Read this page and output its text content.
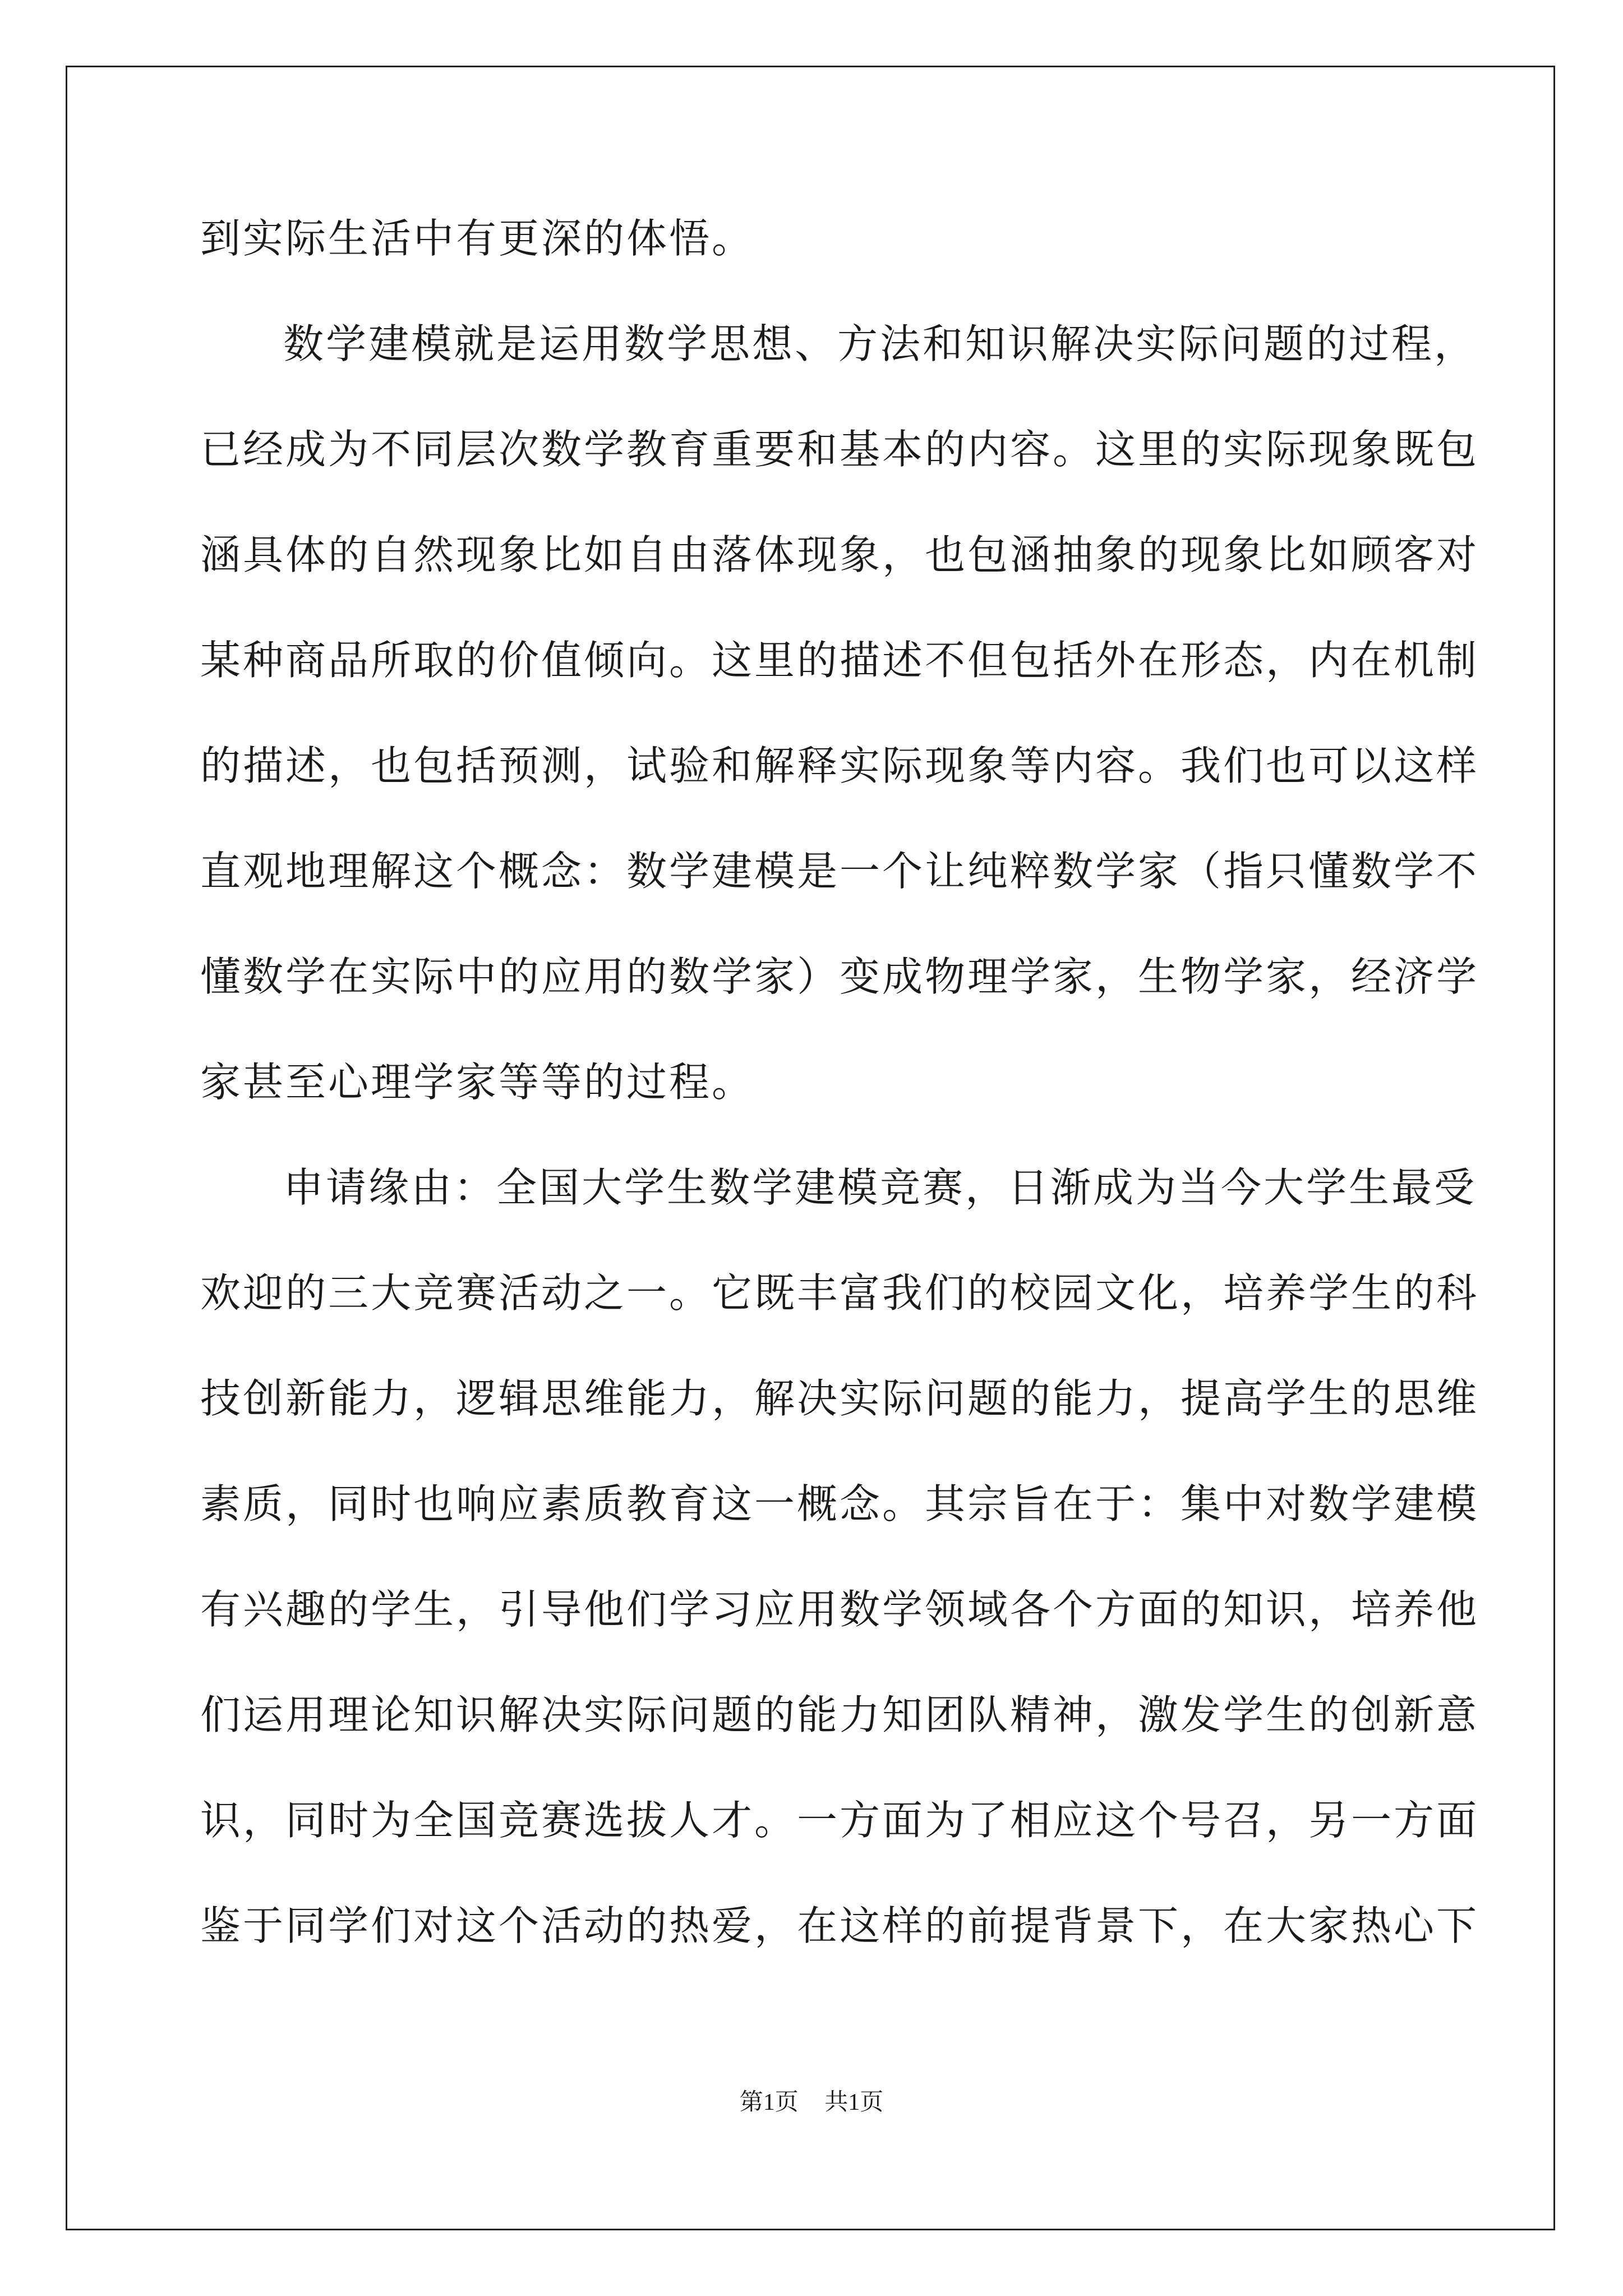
到实际生活中有更深的体悟。
数学建模就是运用数学思想、方法和知识解决实际问题的过程，
已经成为不同层次数学教育重要和基本的内容。这里的实际现象既包
涵具体的自然现象比如自由落体现象，也包涵抽象的现象比如顾客对
某种商品所取的价值倾向。这里的描述不但包括外在形态，内在机制
的描述，也包括预测，试验和解释实际现象等内容。我们也可以这样
直观地理解这个概念：数学建模是一个让纯粹数学家（指只懂数学不
懂数学在实际中的应用的数学家）变成物理学家，生物学家，经济学
家甚至心理学家等等的过程。
申请缘由：全国大学生数学建模竞赛，日渐成为当今大学生最受
欢迎的三大竞赛活动之一。它既丰富我们的校园文化，培养学生的科
技创新能力，逻辑思维能力，解决实际问题的能力，提高学生的思维
素质，同时也响应素质教育这一概念。其宗旨在于：集中对数学建模
有兴趣的学生，引导他们学习应用数学领域各个方面的知识，培养他
们运用理论知识解决实际问题的能力知团队精神，激发学生的创新意
识，同时为全国竞赛选拔人才。一方面为了相应这个号召，另一方面
鉴于同学们对这个活动的热爱，在这样的前提背景下，在大家热心下
第1页 共1页
